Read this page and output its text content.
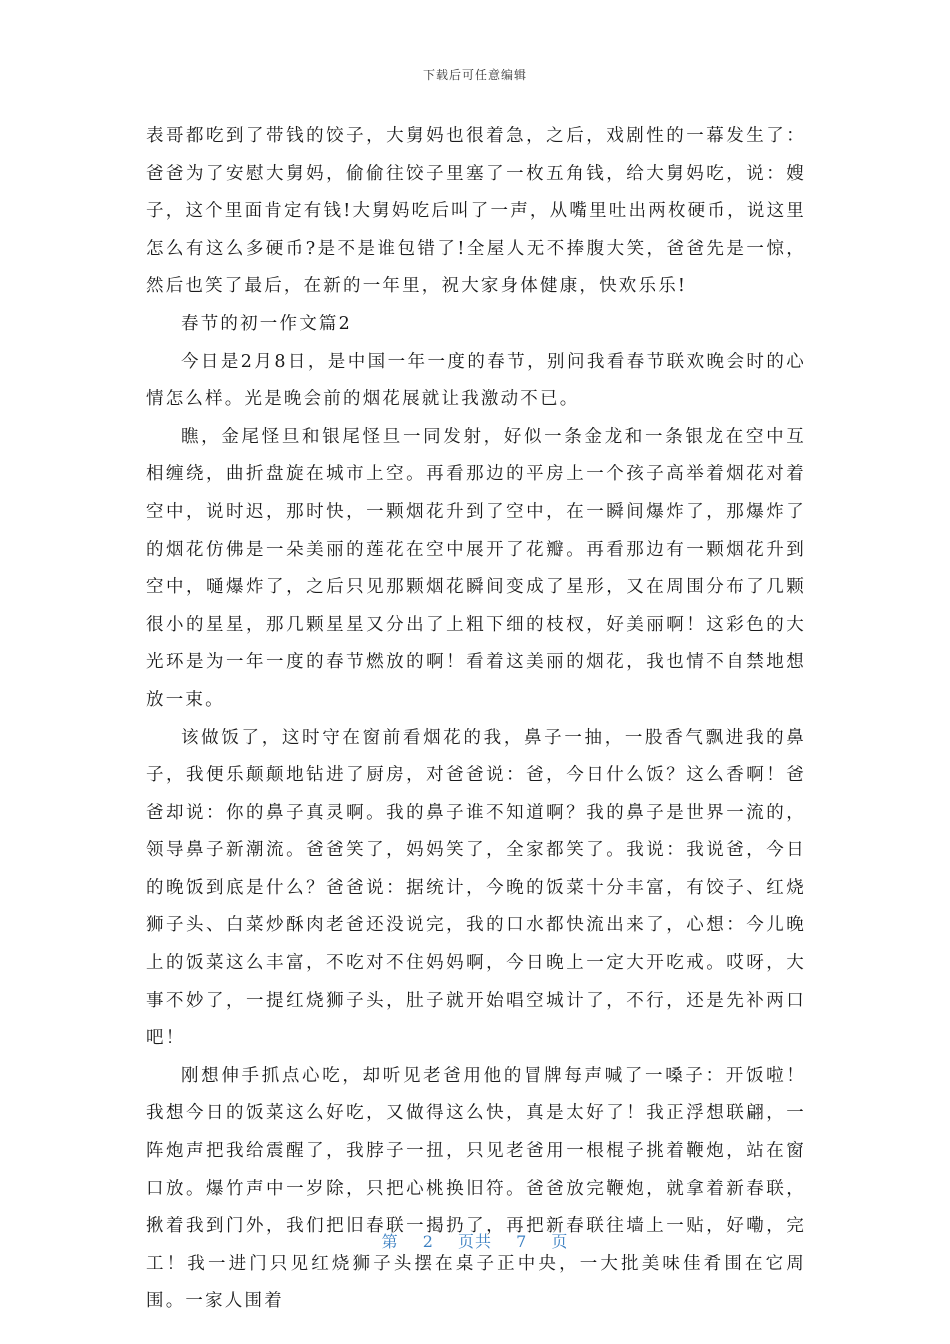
下载后可任意编辑

表哥都吃到了带钱的饺子，大舅妈也很着急，之后，戏剧性的一幕发生了：爸爸为了安慰大舅妈，偷偷往饺子里塞了一枚五角钱，给大舅妈吃，说：嫂子，这个里面肯定有钱!大舅妈吃后叫了一声，从嘴里吐出两枚硬币，说这里怎么有这么多硬币?是不是谁包错了!全屋人无不捧腹大笑，爸爸先是一惊，然后也笑了最后，在新的一年里，祝大家身体健康，快欢乐乐!

春节的初一作文篇2

今日是2月8日，是中国一年一度的春节，别问我看春节联欢晚会时的心情怎么样。光是晚会前的烟花展就让我激动不已。

瞧，金尾怪旦和银尾怪旦一同发射，好似一条金龙和一条银龙在空中互相缠绕，曲折盘旋在城市上空。再看那边的平房上一个孩子高举着烟花对着空中，说时迟，那时快，一颗烟花升到了空中，在一瞬间爆炸了，那爆炸了的烟花仿佛是一朵美丽的莲花在空中展开了花瓣。再看那边有一颗烟花升到空中，嗵爆炸了，之后只见那颗烟花瞬间变成了星形，又在周围分布了几颗很小的星星，那几颗星星又分出了上粗下细的枝杈，好美丽啊！这彩色的大光环是为一年一度的春节燃放的啊！看着这美丽的烟花，我也情不自禁地想放一束。

该做饭了，这时守在窗前看烟花的我，鼻子一抽，一股香气飘进我的鼻子，我便乐颠颠地钻进了厨房，对爸爸说：爸，今日什么饭？这么香啊！爸爸却说：你的鼻子真灵啊。我的鼻子谁不知道啊？我的鼻子是世界一流的，领导鼻子新潮流。爸爸笑了，妈妈笑了，全家都笑了。我说：我说爸，今日的晚饭到底是什么？爸爸说：据统计，今晚的饭菜十分丰富，有饺子、红烧狮子头、白菜炒酥肉老爸还没说完，我的口水都快流出来了，心想：今儿晚上的饭菜这么丰富，不吃对不住妈妈啊，今日晚上一定大开吃戒。哎呀，大事不妙了，一提红烧狮子头，肚子就开始唱空城计了，不行，还是先补两口吧！

刚想伸手抓点心吃，却听见老爸用他的冒牌每声喊了一嗓子：开饭啦！我想今日的饭菜这么好吃，又做得这么快，真是太好了！我正浮想联翩，一阵炮声把我给震醒了，我脖子一扭，只见老爸用一根棍子挑着鞭炮，站在窗口放。爆竹声中一岁除，只把心桃换旧符。爸爸放完鞭炮，就拿着新春联，揪着我到门外，我们把旧春联一揭扔了，再把新春联往墙上一贴，好嘞，完工！我一进门只见红烧狮子头摆在桌子正中央，一大批美味佳肴围在它周围。一家人围着

第 2 页共 7 页
